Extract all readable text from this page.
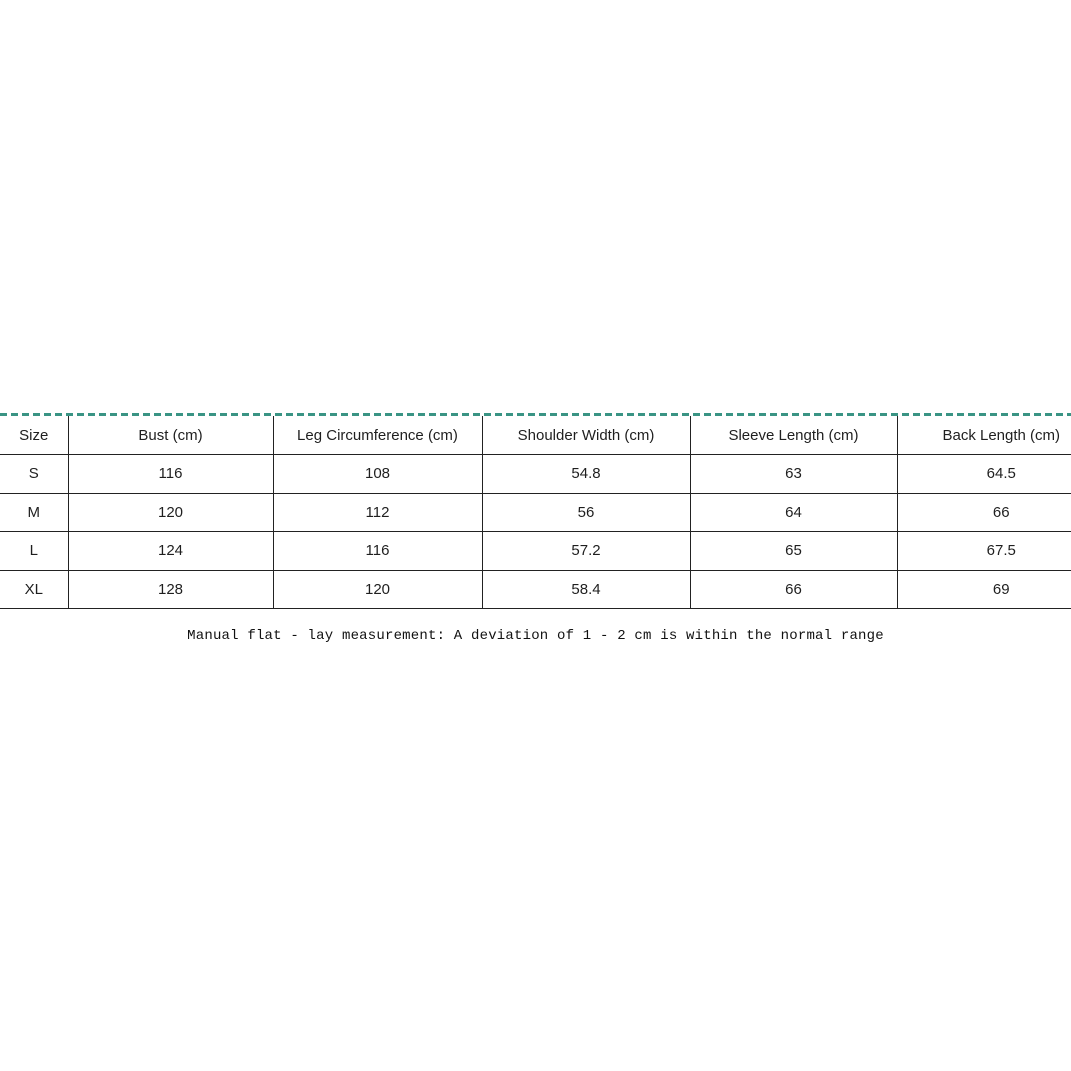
Size	Bust (cm)	Leg Circumference (cm)	Shoulder Width (cm)	Sleeve Length (cm)	Back Length (cm)
S	116	108	54.8	63	64.5
M	120	112	56	64	66
L	124	116	57.2	65	67.5
XL	128	120	58.4	66	69
Manual flat - lay measurement: A deviation of 1 - 2 cm is within the normal range
